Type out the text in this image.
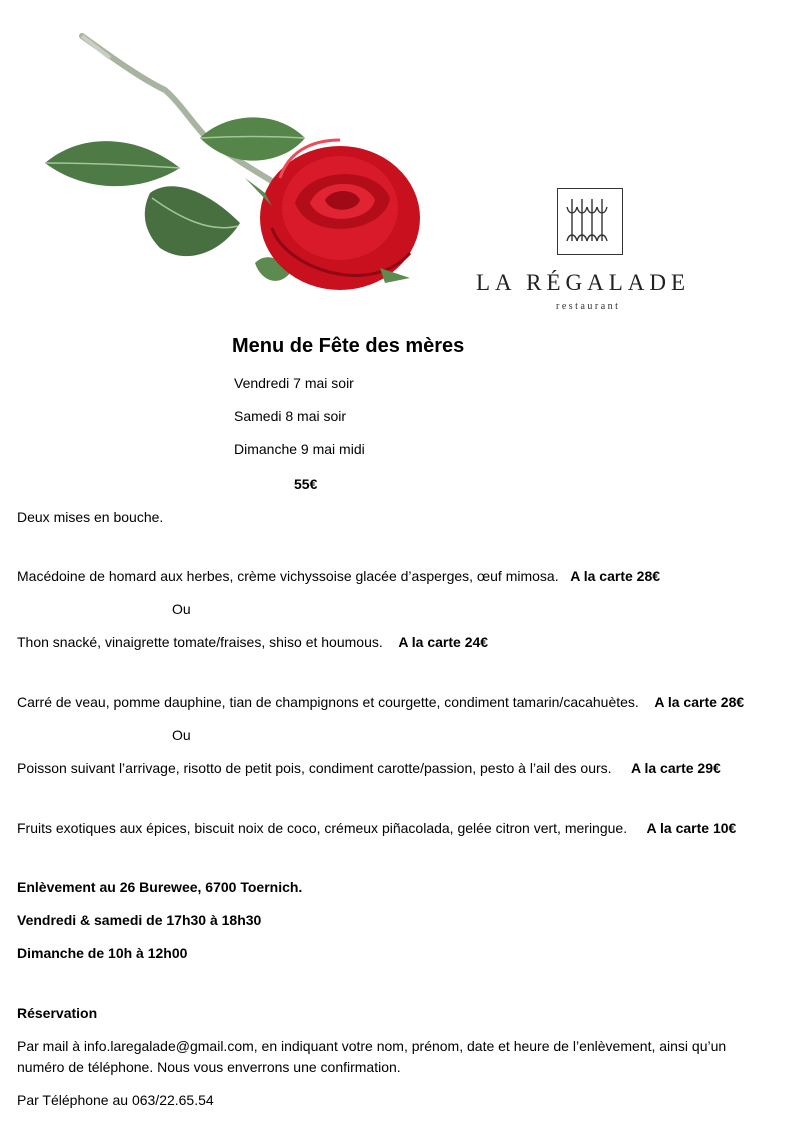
LA RÉGALADE
restaurant
Menu de Fête des mères
Vendredi 7 mai soir
Samedi 8 mai soir
Dimanche 9 mai midi
55€
Deux mises en bouche.
Macédoine de homard aux herbes, crème vichyssoise glacée d’asperges, œuf mimosa. A la carte 28€
Ou
Thon snacké, vinaigrette tomate/fraises, shiso et houmous. A la carte 24€
Carré de veau, pomme dauphine, tian de champignons et courgette, condiment tamarin/cacahuètes. A la carte 28€
Ou
Poisson suivant l’arrivage, risotto de petit pois, condiment carotte/passion, pesto à l’ail des ours. A la carte 29€
Fruits exotiques aux épices, biscuit noix de coco, crémeux piñacolada, gelée citron vert, meringue. A la carte 10€
Enlèvement au 26 Burewee, 6700 Toernich.
Vendredi & samedi de 17h30 à 18h30
Dimanche de 10h à 12h00
Réservation
Par mail à info.laregalade@gmail.com, en indiquant votre nom, prénom, date et heure de l’enlèvement, ainsi qu’un
numéro de téléphone. Nous vous enverrons une confirmation.
Par Téléphone au 063/22.65.54
